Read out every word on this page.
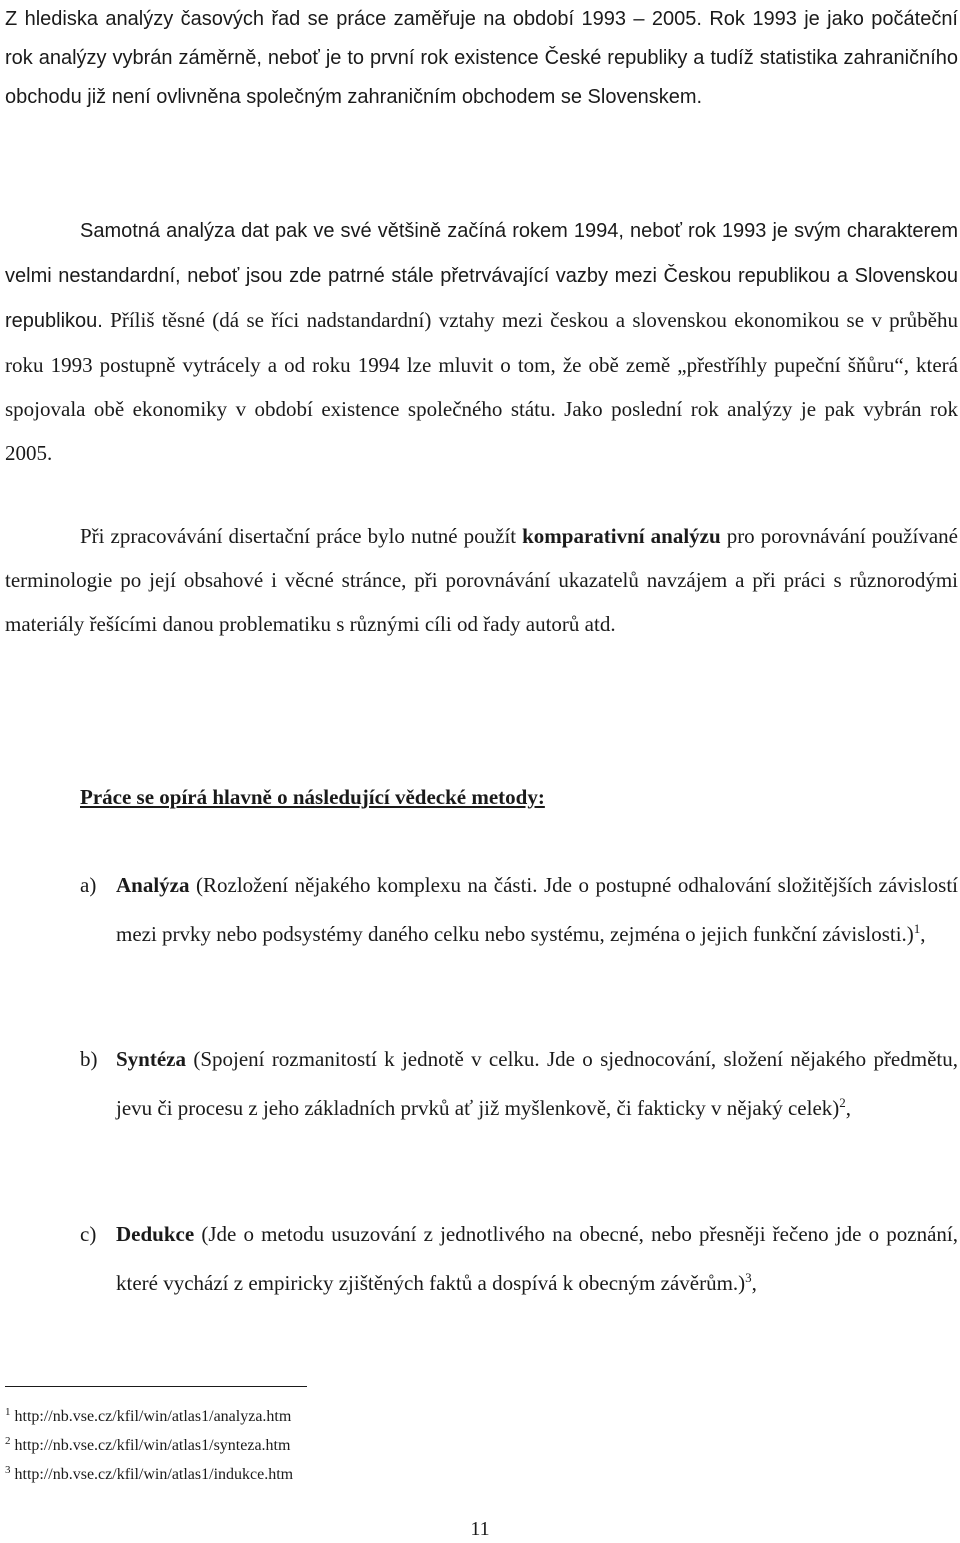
Z hlediska analýzy časových řad se práce zaměřuje na období 1993 – 2005. Rok 1993 je jako počáteční rok analýzy vybrán záměrně, neboť je to první rok existence České republiky a tudíž statistika zahraničního obchodu již není ovlivněna společným zahraničním obchodem se Slovenskem.

Samotná analýza dat pak ve své většině začíná rokem 1994, neboť rok 1993 je svým charakterem velmi nestandardní, neboť jsou zde patrné stále přetrvávající vazby mezi Českou republikou a Slovenskou republikou. Příliš těsné (dá se říci nadstandardní) vztahy mezi českou a slovenskou ekonomikou se v průběhu roku 1993 postupně vytrácely a od roku 1994 lze mluvit o tom, že obě země „přestříhly pupeční šňůru“, která spojovala obě ekonomiky v období existence společného státu. Jako poslední rok analýzy je pak vybrán rok 2005.

Při zpracovávání disertační práce bylo nutné použít komparativní analýzu pro porovnávání používané terminologie po její obsahové i věcné stránce, při porovnávání ukazatelů navzájem a při práci s různorodými materiály řešícími danou problematiku s různými cíli od řady autorů atd.

Práce se opírá hlavně o následující vědecké metody:

a) Analýza (Rozložení nějakého komplexu na části. Jde o postupné odhalování složitějších závislostí mezi prvky nebo podsystémy daného celku nebo systému, zejména o jejich funkční závislosti.)$^1$,
b) Syntéza (Spojení rozmanitostí k jednotě v celku. Jde o sjednocování, složení nějakého předmětu, jevu či procesu z jeho základních prvků ať již myšlenkově, či fakticky v nějaký celek)$^2$,
c) Dedukce (Jde o metodu usuzování z jednotlivého na obecné, nebo přesněji řečeno jde o poznání, které vychází z empiricky zjištěných faktů a dospívá k obecným závěrům.)$^3$,
$^1$ http://nb.vse.cz/kfil/win/atlas1/analyza.htm
$^2$ http://nb.vse.cz/kfil/win/atlas1/synteza.htm
$^3$ http://nb.vse.cz/kfil/win/atlas1/indukce.htm
11
